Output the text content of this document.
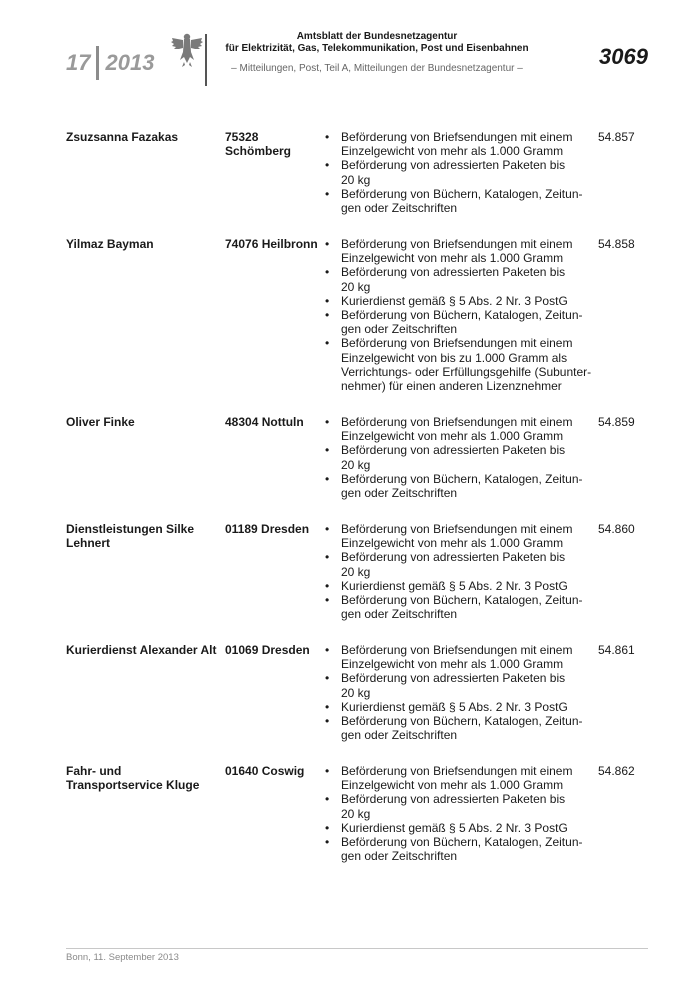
17 2013
Amtsblatt der Bundesnetzagentur
für Elektrizität, Gas, Telekommunikation, Post und Eisenbahnen
– Mitteilungen, Post, Teil A, Mitteilungen der Bundesnetzagentur –	3069
Zsuzsanna Fazakas	75328
Schömberg
• Beförderung von Briefsendungen mit einem
Einzelgewicht von mehr als 1.000 Gramm
• Beförderung von adressierten Paketen bis
20 kg
• Beförderung von Büchern, Katalogen, Zeitun-
gen oder Zeitschriften
54.857
Yilmaz Bayman	74076 Heilbronn	• Beförderung von Briefsendungen mit einem
Einzelgewicht von mehr als 1.000 Gramm
• Beförderung von adressierten Paketen bis
20 kg
• Kurierdienst gemäß § 5 Abs. 2 Nr. 3 PostG
• Beförderung von Büchern, Katalogen, Zeitun-
gen oder Zeitschriften
• Beförderung von Briefsendungen mit einem
Einzelgewicht von bis zu 1.000 Gramm als
Verrichtungs- oder Erfüllungsgehilfe (Subunter-
nehmer) für einen anderen Lizenznehmer
54.858
Oliver Finke	48304 Nottuln	• Beförderung von Briefsendungen mit einem
Einzelgewicht von mehr als 1.000 Gramm
• Beförderung von adressierten Paketen bis
20 kg
• Beförderung von Büchern, Katalogen, Zeitun-
gen oder Zeitschriften
54.859
Dienstleistungen Silke
Lehnert
01189 Dresden	• Beförderung von Briefsendungen mit einem
Einzelgewicht von mehr als 1.000 Gramm
• Beförderung von adressierten Paketen bis
20 kg
• Kurierdienst gemäß § 5 Abs. 2 Nr. 3 PostG
• Beförderung von Büchern, Katalogen, Zeitun-
gen oder Zeitschriften
54.860
Kurierdienst Alexander Alt 01069 Dresden	• Beförderung von Briefsendungen mit einem
Einzelgewicht von mehr als 1.000 Gramm
• Beförderung von adressierten Paketen bis
20 kg
• Kurierdienst gemäß § 5 Abs. 2 Nr. 3 PostG
• Beförderung von Büchern, Katalogen, Zeitun-
gen oder Zeitschriften
54.861
Fahr- und
Transportservice Kluge
01640 Coswig	• Beförderung von Briefsendungen mit einem
Einzelgewicht von mehr als 1.000 Gramm
• Beförderung von adressierten Paketen bis
20 kg
• Kurierdienst gemäß § 5 Abs. 2 Nr. 3 PostG
• Beförderung von Büchern, Katalogen, Zeitun-
gen oder Zeitschriften
54.862
Bonn, 11. September 2013
